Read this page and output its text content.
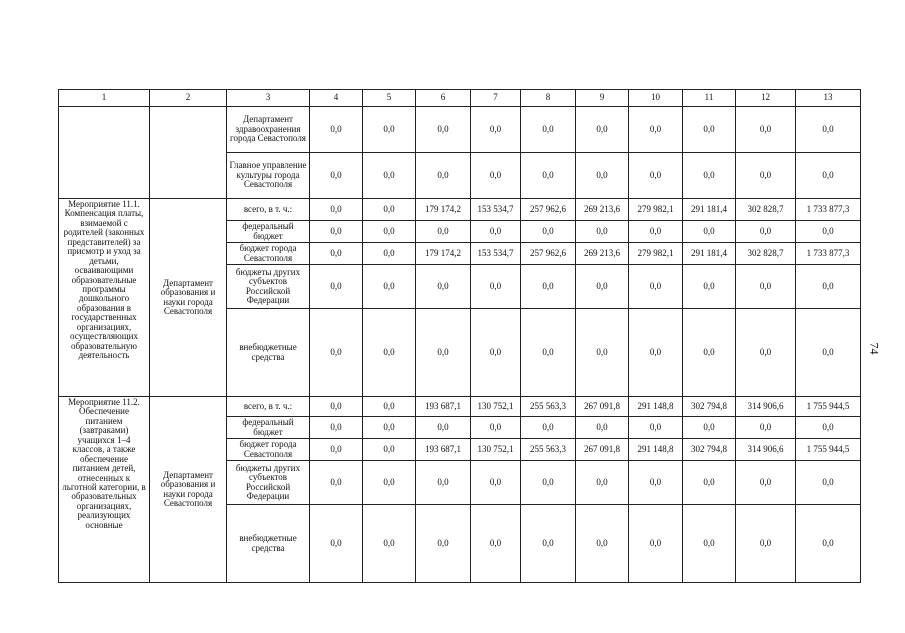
1	2	3	4	5	6	7	8	9	10	11	12	13
		Департамент здравоохранения города Севастополя	0,0	0,0	0,0	0,0	0,0	0,0	0,0	0,0	0,0	0,0
		Главное управление культуры города Севастополя	0,0	0,0	0,0	0,0	0,0	0,0	0,0	0,0	0,0	0,0
Мероприятие 11.1. Компенсация платы, взимаемой с родителей (законных представителей) за присмотр и уход за детьми, осваивающими образовательные программы дошкольного образования в государственных организациях, осуществляющих образовательную деятельность	Департамент образования и науки города Севастополя	всего, в т. ч.:	0,0	0,0	179 174,2	153 534,7	257 962,6	269 213,6	279 982,1	291 181,4	302 828,7	1 733 877,3
		федеральный бюджет	0,0	0,0	0,0	0,0	0,0	0,0	0,0	0,0	0,0	0,0
		бюджет города Севастополя	0,0	0,0	179 174,2	153 534,7	257 962,6	269 213,6	279 982,1	291 181,4	302 828,7	1 733 877,3
		бюджеты других субъектов Российской Федерации	0,0	0,0	0,0	0,0	0,0	0,0	0,0	0,0	0,0	0,0
		внебюджетные средства	0,0	0,0	0,0	0,0	0,0	0,0	0,0	0,0	0,0	0,0
Мероприятие 11.2. Обеспечение питанием (завтраками) учащихся 1–4 классов, а также обеспечение питанием детей, отнесенных к льготной категории, в образовательных организациях, реализующих основные	Департамент образования и науки города Севастополя	всего, в т. ч.:	0,0	0,0	193 687,1	130 752,1	255 563,3	267 091,8	291 148,8	302 794,8	314 906,6	1 755 944,5
		федеральный бюджет	0,0	0,0	0,0	0,0	0,0	0,0	0,0	0,0	0,0	0,0
		бюджет города Севастополя	0,0	0,0	193 687,1	130 752,1	255 563,3	267 091,8	291 148,8	302 794,8	314 906,6	1 755 944,5
		бюджеты других субъектов Российской Федерации	0,0	0,0	0,0	0,0	0,0	0,0	0,0	0,0	0,0	0,0
		внебюджетные средства	0,0	0,0	0,0	0,0	0,0	0,0	0,0	0,0	0,0	0,0
74
